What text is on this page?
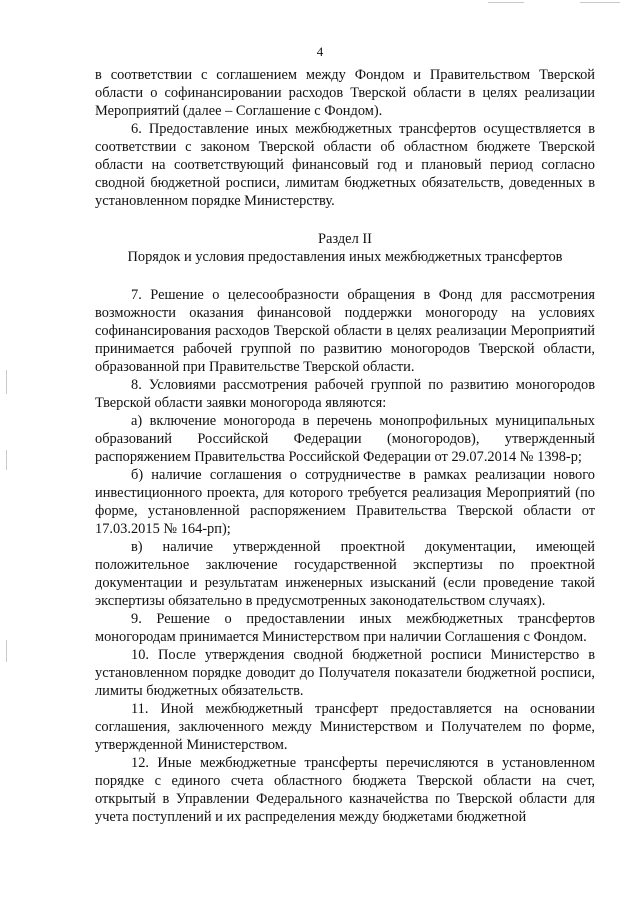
4

в соответствии с соглашением между Фондом и Правительством Тверской области о софинансировании расходов Тверской области в целях реализации Мероприятий (далее – Соглашение с Фондом).

6. Предоставление иных межбюджетных трансфертов осуществляется в соответствии с законом Тверской области об областном бюджете Тверской области на соответствующий финансовый год и плановый период согласно сводной бюджетной росписи, лимитам бюджетных обязательств, доведенных в установленном порядке Министерству.

Раздел II

Порядок и условия предоставления иных межбюджетных трансфертов

7. Решение о целесообразности обращения в Фонд для рассмотрения возможности оказания финансовой поддержки моногороду на условиях софинансирования расходов Тверской области в целях реализации Мероприятий принимается рабочей группой по развитию моногородов Тверской области, образованной при Правительстве Тверской области.

8. Условиями рассмотрения рабочей группой по развитию моногородов Тверской области заявки моногорода являются:

а) включение моногорода в перечень монопрофильных муниципальных образований Российской Федерации (моногородов), утвержденный распоряжением Правительства Российской Федерации от 29.07.2014 № 1398-р;

б) наличие соглашения о сотрудничестве в рамках реализации нового инвестиционного проекта, для которого требуется реализация Мероприятий (по форме, установленной распоряжением Правительства Тверской области от 17.03.2015 № 164-рп);

в) наличие утвержденной проектной документации, имеющей положительное заключение государственной экспертизы по проектной документации и результатам инженерных изысканий (если проведение такой экспертизы обязательно в предусмотренных законодательством случаях).

9. Решение о предоставлении иных межбюджетных трансфертов моногородам принимается Министерством при наличии Соглашения с Фондом.

10. После утверждения сводной бюджетной росписи Министерство в установленном порядке доводит до Получателя показатели бюджетной росписи, лимиты бюджетных обязательств.

11. Иной межбюджетный трансферт предоставляется на основании соглашения, заключенного между Министерством и Получателем по форме, утвержденной Министерством.

12. Иные межбюджетные трансферты перечисляются в установленном порядке с единого счета областного бюджета Тверской области на счет, открытый в Управлении Федерального казначейства по Тверской области для учета поступлений и их распределения между бюджетами бюджетной
